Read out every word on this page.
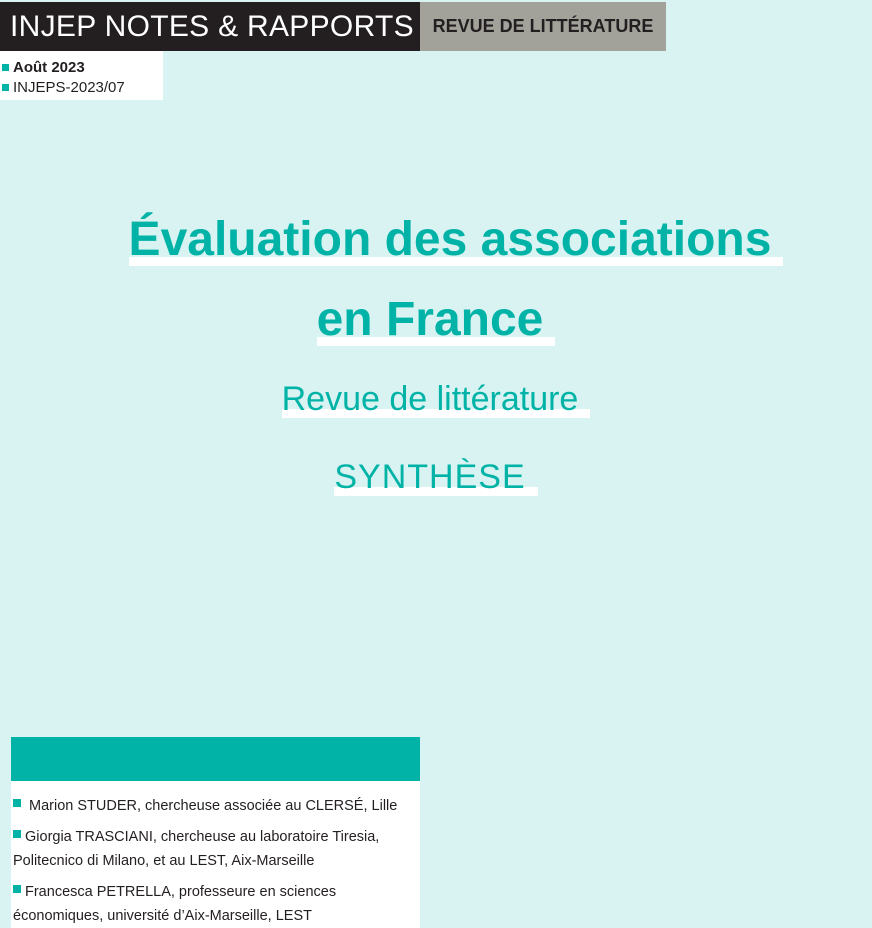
INJEP NOTES & RAPPORTS	REVUE DE LITTÉRATURE
Août 2023
INJEPS-2023/07
Évaluation des associations
en France
Revue de littérature
SYNTHÈSE
Marion STUDER, chercheuse associée au CLERSÉ, Lille
Giorgia TRASCIANI, chercheuse au laboratoire Tiresia, Politecnico di Milano, et au LEST, Aix-Marseille
Francesca PETRELLA, professeure en sciences économiques, université d’Aix-Marseille, LEST
